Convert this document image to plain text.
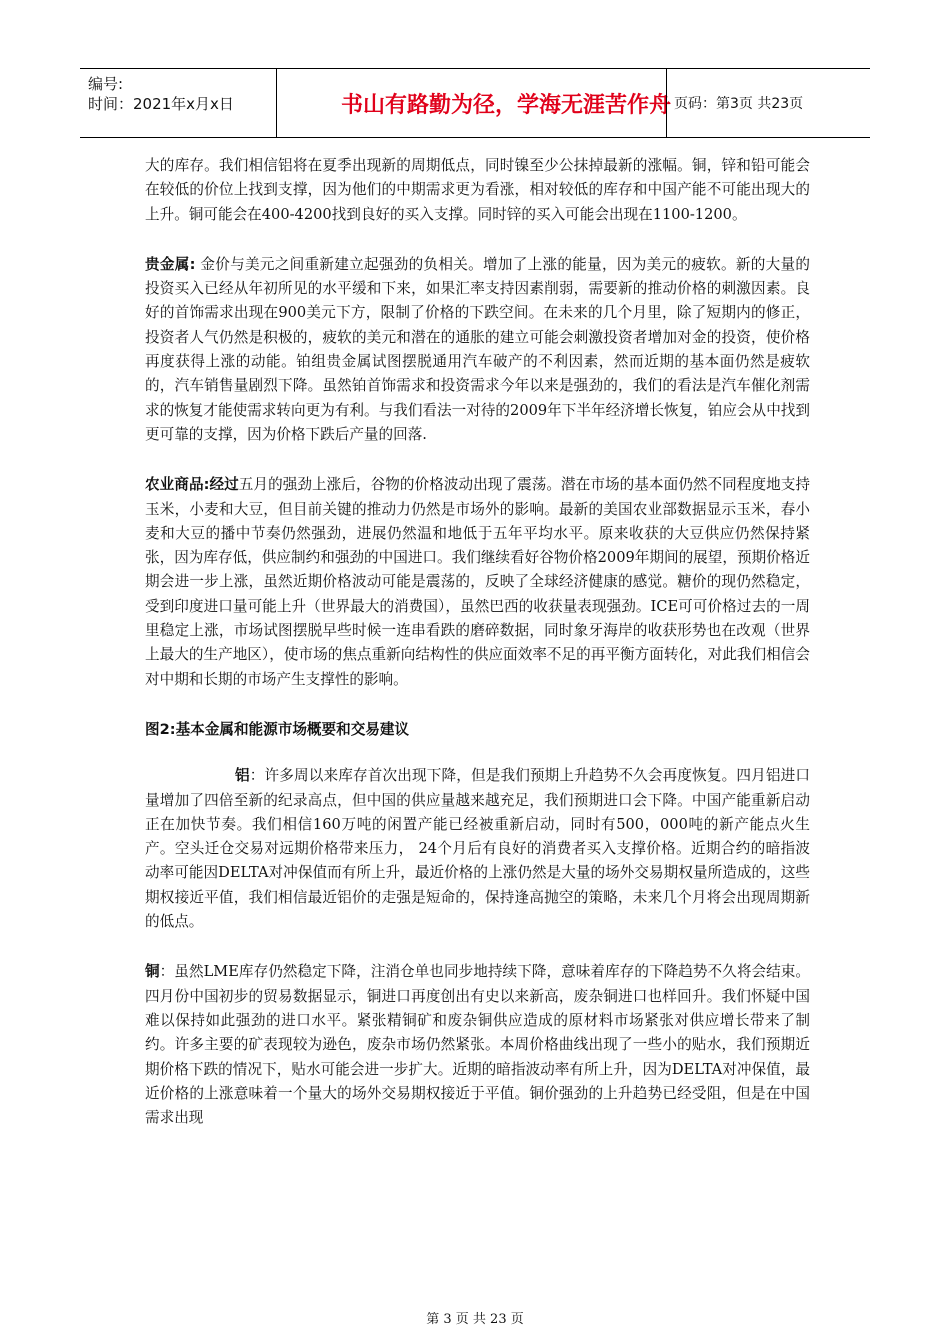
编号:
时间：2021年x月x日	书山有路勤为径，学海无涯苦作舟 页码：第3页 共23页

大的库存。我们相信铝将在夏季出现新的周期低点，同时镍至少公抹掉最新的涨幅。铜，锌和铅可能会在较低的价位上找到支撑，因为他们的中期需求更为看涨，相对较低的库存和中国产能不可能出现大的上升。铜可能会在400-4200找到良好的买入支撑。同时锌的买入可能会出现在1100-1200。

贵金属: 金价与美元之间重新建立起强劲的负相关。增加了上涨的能量，因为美元的疲软。新的大量的投资买入已经从年初所见的水平缓和下来，如果汇率支持因素削弱，需要新的推动价格的刺激因素。良好的首饰需求出现在900美元下方，限制了价格的下跌空间。在未来的几个月里，除了短期内的修正，投资者人气仍然是积极的，疲软的美元和潜在的通胀的建立可能会刺激投资者增加对金的投资，使价格再度获得上涨的动能。铂组贵金属试图摆脱通用汽车破产的不利因素，然而近期的基本面仍然是疲软的，汽车销售量剧烈下降。虽然铂首饰需求和投资需求今年以来是强劲的，我们的看法是汽车催化剂需求的恢复才能使需求转向更为有利。与我们看法一对待的2009年下半年经济增长恢复，铂应会从中找到更可靠的支撑，因为价格下跌后产量的回落.

农业商品:经过五月的强劲上涨后，谷物的价格波动出现了震荡。潜在市场的基本面仍然不同程度地支持玉米，小麦和大豆，但目前关键的推动力仍然是市场外的影响。最新的美国农业部数据显示玉米，春小麦和大豆的播中节奏仍然强劲，进展仍然温和地低于五年平均水平。原来收获的大豆供应仍然保持紧张，因为库存低，供应制约和强劲的中国进口。我们继续看好谷物价格2009年期间的展望，预期价格近期会进一步上涨，虽然近期价格波动可能是震荡的，反映了全球经济健康的感觉。糖价的现仍然稳定，受到印度进口量可能上升（世界最大的消费国），虽然巴西的收获量表现强劲。ICE可可价格过去的一周里稳定上涨，市场试图摆脱早些时候一连串看跌的磨碎数据，同时象牙海岸的收获形势也在改观（世界上最大的生产地区），使市场的焦点重新向结构性的供应面效率不足的再平衡方面转化，对此我们相信会对中期和长期的市场产生支撑性的影响。

图2:基本金属和能源市场概要和交易建议

铝：许多周以来库存首次出现下降，但是我们预期上升趋势不久会再度恢复。四月铝进口量增加了四倍至新的纪录高点，但中国的供应量越来越充足，我们预期进口会下降。中国产能重新启动正在加快节奏。我们相信160万吨的闲置产能已经被重新启动，同时有500，000吨的新产能点火生产。空头迁仓交易对远期价格带来压力， 24个月后有良好的消费者买入支撑价格。近期合约的暗指波动率可能因DELTA对冲保值而有所上升，最近价格的上涨仍然是大量的场外交易期权量所造成的，这些期权接近平值，我们相信最近铝价的走强是短命的，保持逢高抛空的策略，未来几个月将会出现周期新的低点。

铜：虽然LME库存仍然稳定下降，注消仓单也同步地持续下降，意味着库存的下降趋势不久将会结束。四月份中国初步的贸易数据显示，铜进口再度创出有史以来新高，废杂铜进口也样回升。我们怀疑中国难以保持如此强劲的进口水平。紧张精铜矿和废杂铜供应造成的原材料市场紧张对供应增长带来了制约。许多主要的矿表现较为逊色，废杂市场仍然紧张。本周价格曲线出现了一些小的贴水，我们预期近期价格下跌的情况下，贴水可能会进一步扩大。近期的暗指波动率有所上升，因为DELTA对冲保值，最近价格的上涨意味着一个量大的场外交易期权接近于平值。铜价强劲的上升趋势已经受阻，但是在中国需求出现

第 3 页 共 23 页
